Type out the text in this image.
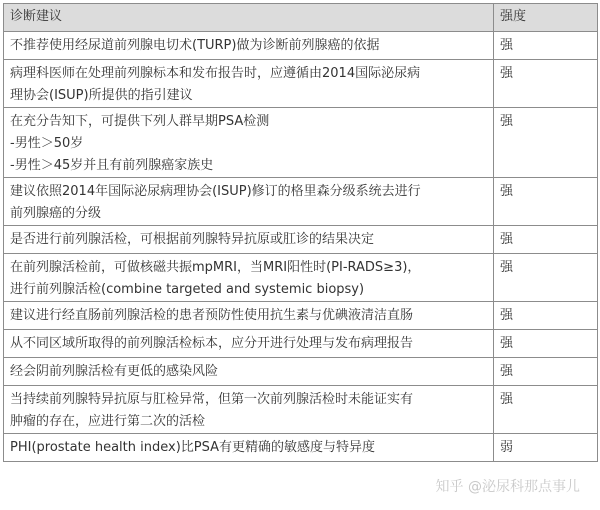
诊断建议	强度

不推荐使用经尿道前列腺电切术(TURP)做为诊断前列腺癌的依据	强

病理科医师在处理前列腺标本和发布报告时，应遵循由2014国际泌尿病
理协会(ISUP)所提供的指引建议	强

在充分告知下，可提供下列人群早期PSA检测
-男性＞50岁
-男性＞45岁并且有前列腺癌家族史	强

建议依照2014年国际泌尿病理协会(ISUP)修订的格里森分级系统去进行
前列腺癌的分级	强

是否进行前列腺活检，可根据前列腺特异抗原或肛诊的结果决定	强

在前列腺活检前，可做核磁共振mpMRI，当MRI阳性时(PI-RADS≥3)，
进行前列腺活检(combine targeted and systemic biopsy)	强

建议进行经直肠前列腺活检的患者预防性使用抗生素与优碘液清洁直肠	强

从不同区域所取得的前列腺活检标本，应分开进行处理与发布病理报告	强

经会阴前列腺活检有更低的感染风险	强

当持续前列腺特异抗原与肛检异常，但第一次前列腺活检时未能证实有
肿瘤的存在，应进行第二次的活检	强

PHI(prostate health index)比PSA有更精确的敏感度与特异度	弱
知乎 @泌尿科那点事儿
